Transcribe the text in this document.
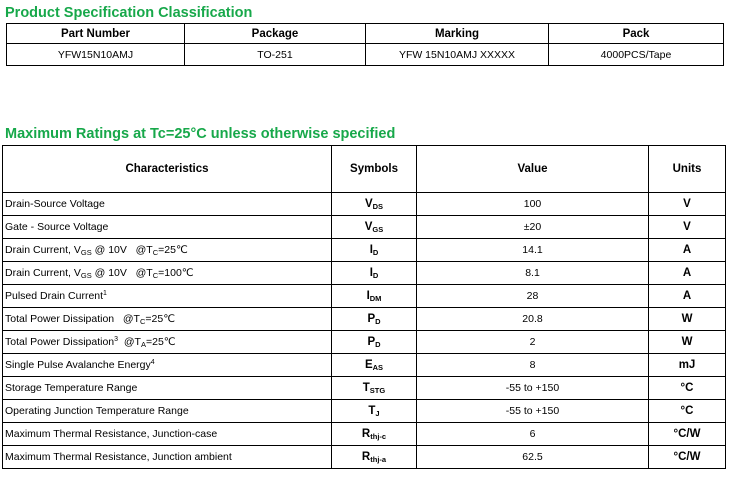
Product Specification Classification
Part Number	Package	Marking	Pack
YFW15N10AMJ	TO-251	YFW 15N10AMJ XXXXX	4000PCS/Tape
Maximum Ratings at Tc=25°C unless otherwise specified
Characteristics	Symbols	Value	Units
Drain-Source Voltage	$V_{DS}$	100	V
Gate - Source Voltage	$V_{GS}$	±20	V
Drain Current, $V_{GS}$ @ 10V   $@T_C=25℃$	$I_D$	14.1	A
Drain Current, $V_{GS}$ @ 10V   $@T_C=100℃$	$I_D$	8.1	A
Pulsed Drain Current$^1$	$I_{DM}$	28	A
Total Power Dissipation   $@T_C=25℃$	$P_D$	20.8	W
Total Power Dissipation$^3$  $@T_A=25℃$	$P_D$	2	W
Single Pulse Avalanche Energy$^4$	$E_{AS}$	8	mJ
Storage Temperature Range	$T_{STG}$	-55 to +150	°C
Operating Junction Temperature Range	$T_J$	-55 to +150	°C
Maximum Thermal Resistance, Junction-case	$R_{thj-c}$	6	°C/W
Maximum Thermal Resistance, Junction ambient	$R_{thj-a}$	62.5	°C/W
